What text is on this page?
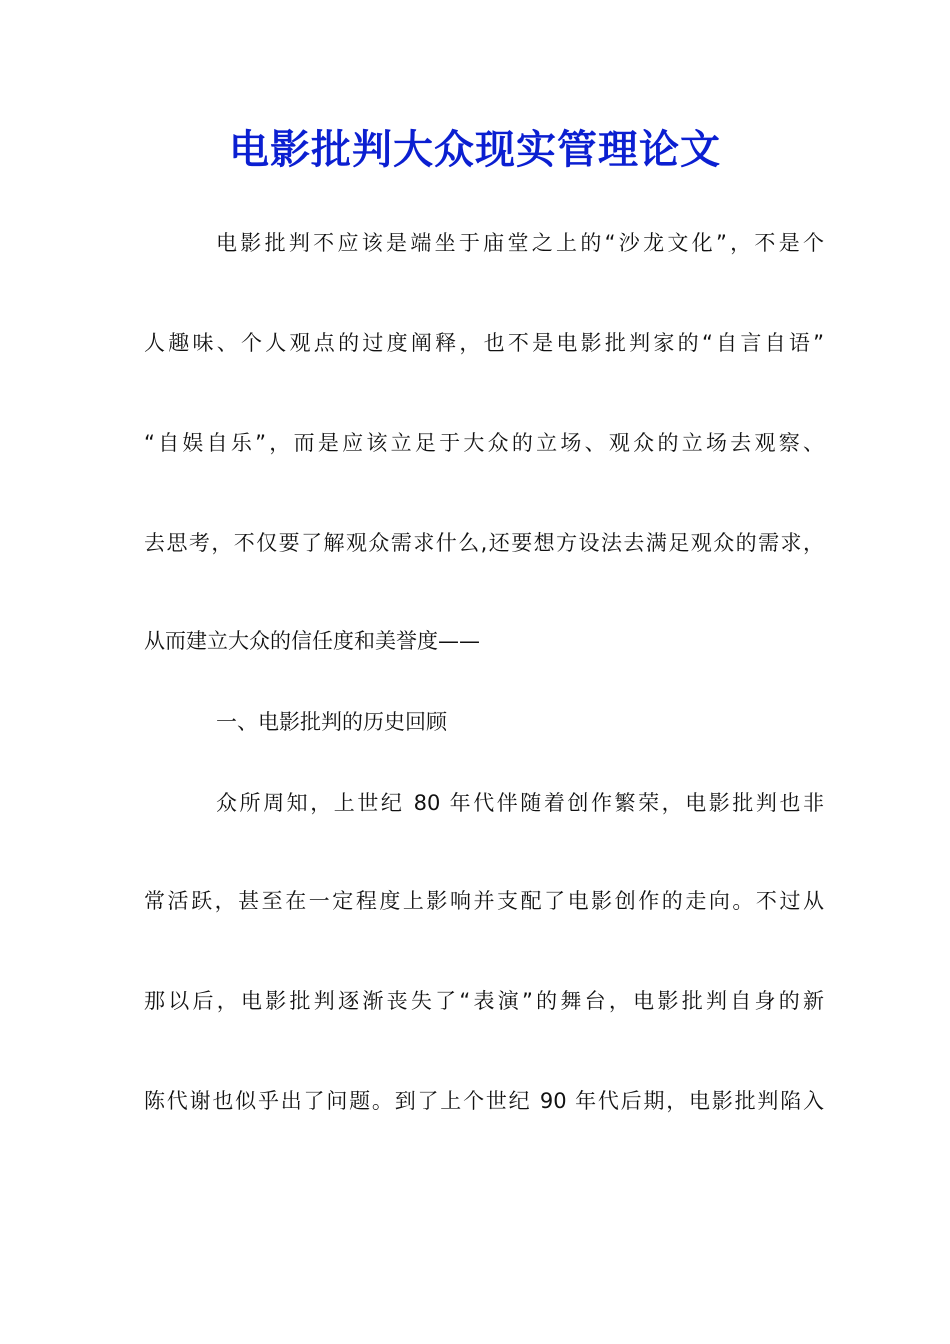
电影批判大众现实管理论文
电影批判不应该是端坐于庙堂之上的“沙龙文化”，不是个
人趣味、个人观点的过度阐释，也不是电影批判家的“自言自语”
“自娱自乐”，而是应该立足于大众的立场、观众的立场去观察、
去思考，不仅要了解观众需求什么,还要想方设法去满足观众的需求，
从而建立大众的信任度和美誉度——
一、电影批判的历史回顾
众所周知，上世纪 80 年代伴随着创作繁荣，电影批判也非
常活跃，甚至在一定程度上影响并支配了电影创作的走向。不过从
那以后，电影批判逐渐丧失了“表演”的舞台，电影批判自身的新
陈代谢也似乎出了问题。到了上个世纪 90 年代后期，电影批判陷入
